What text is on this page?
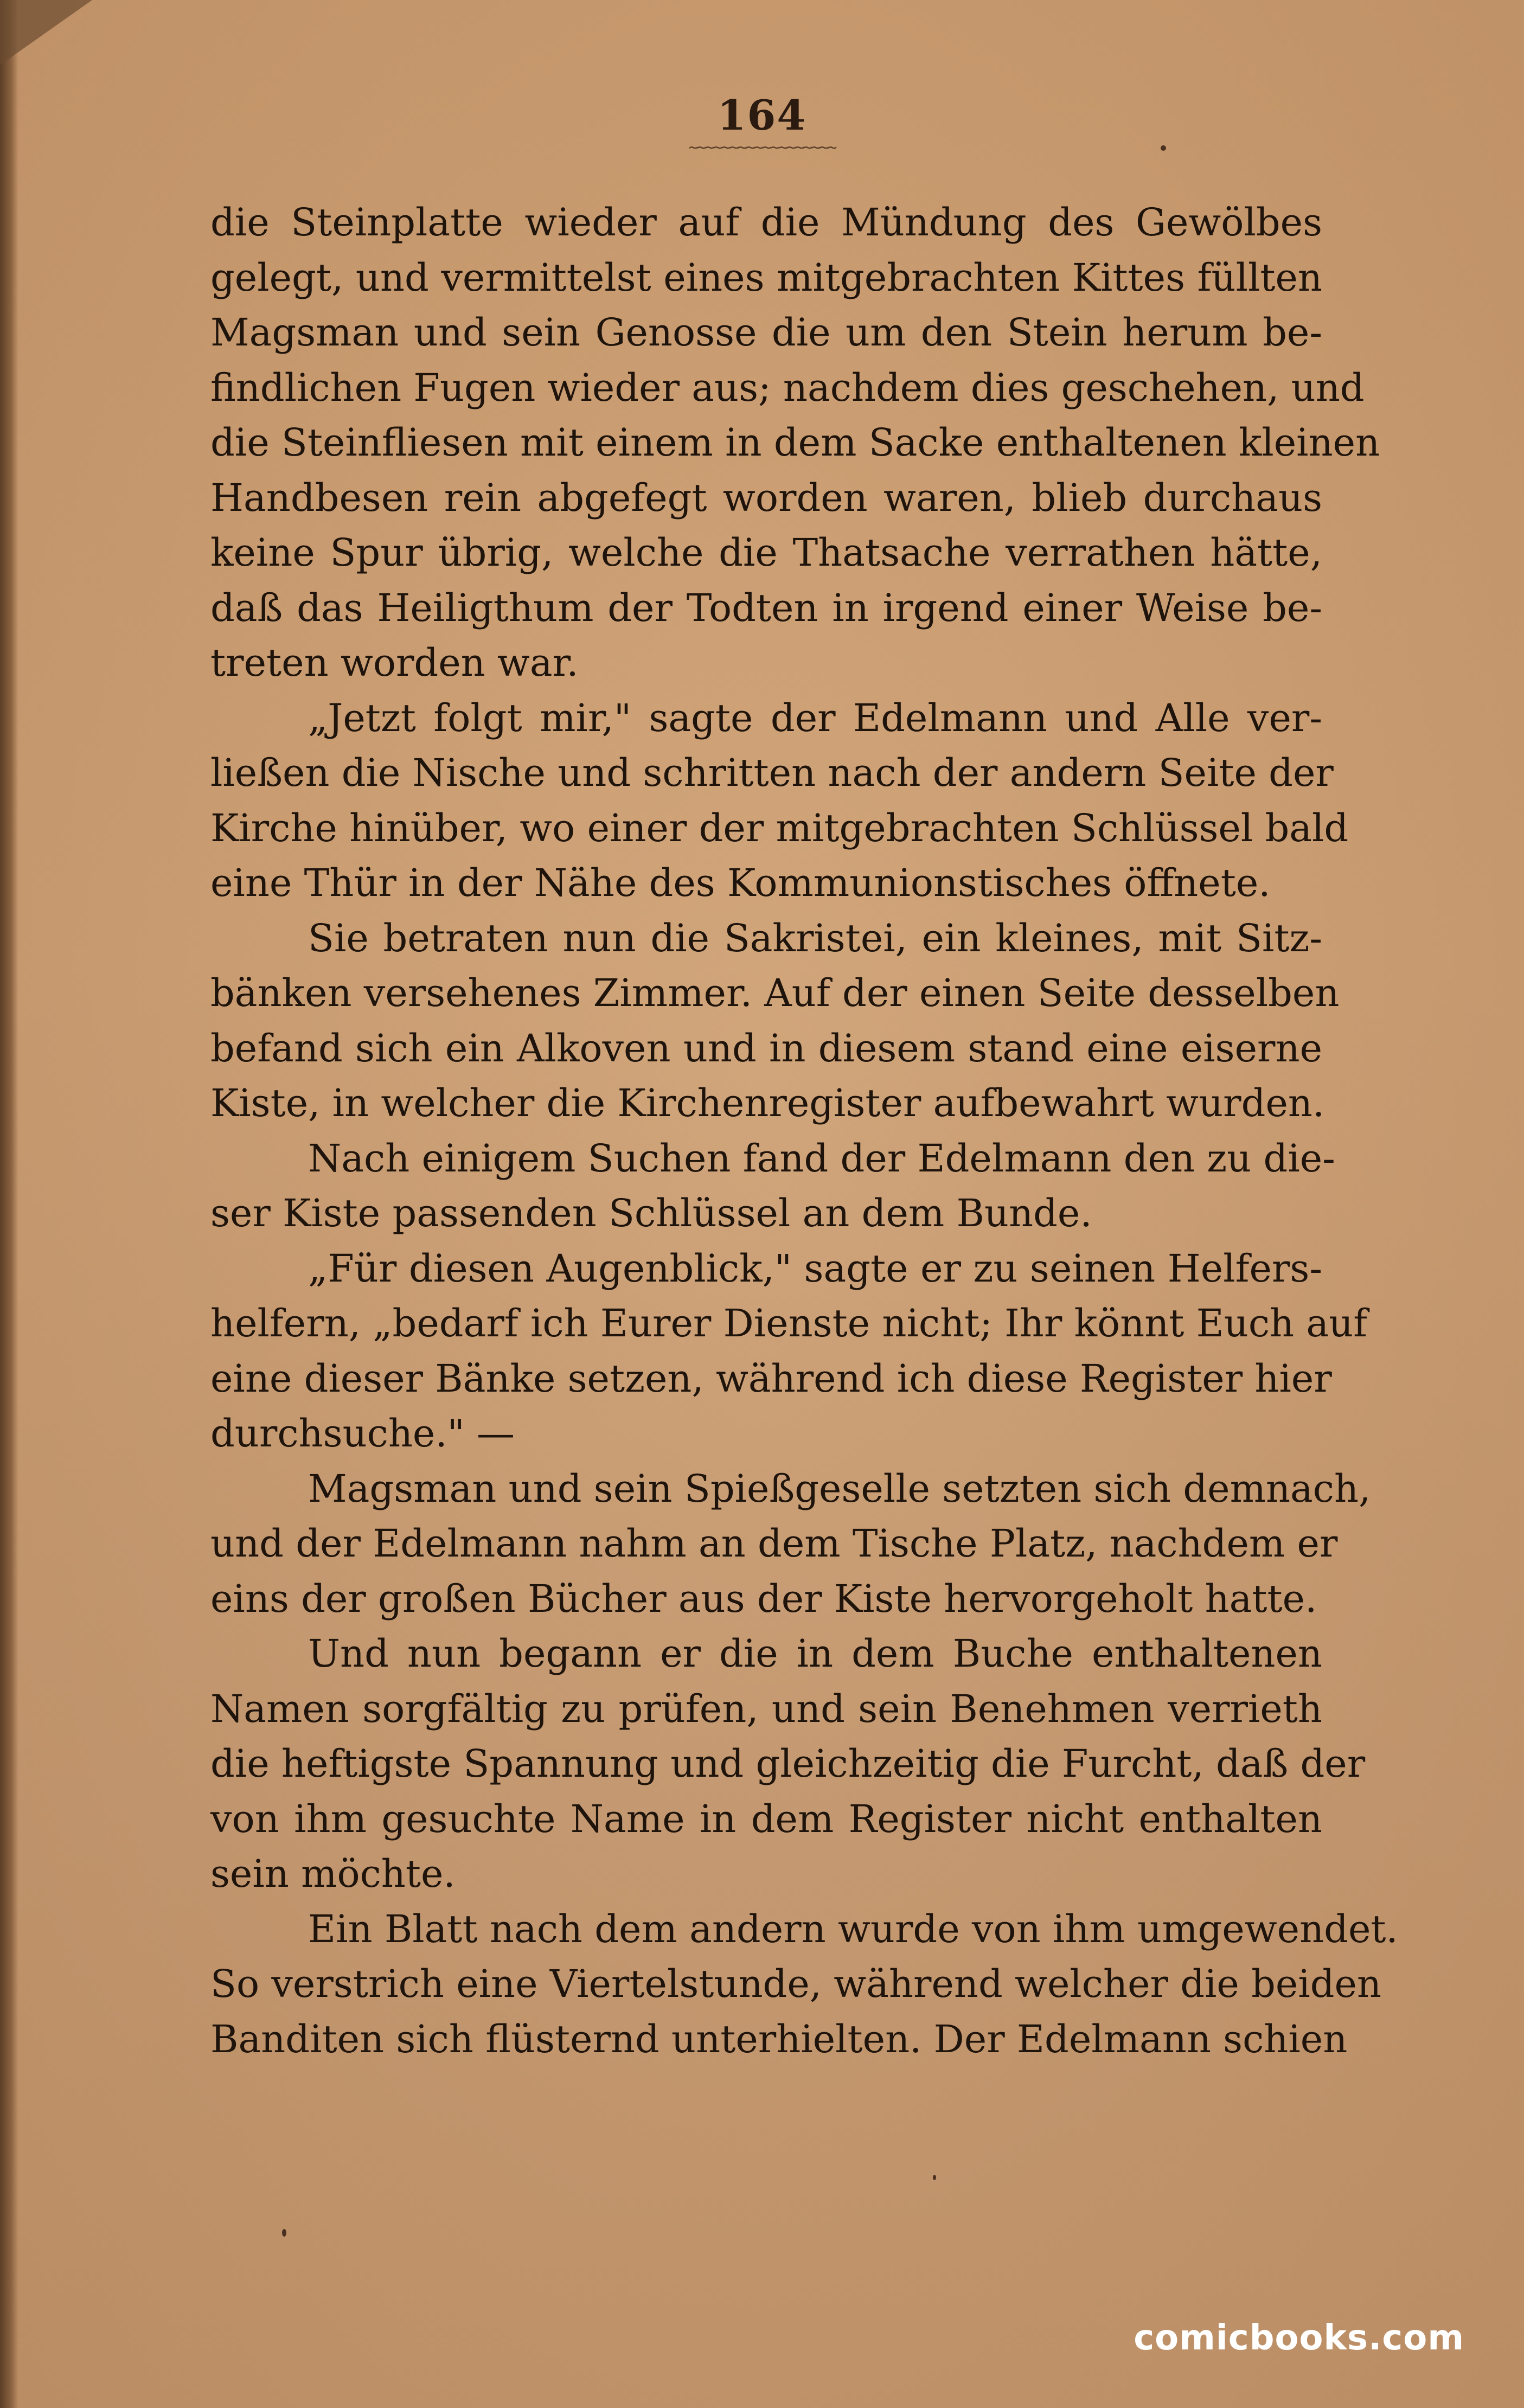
164
~~~~~~~~~~~~~~~~~~
die Steinplatte wieder auf die Mündung des Gewölbes
gelegt, und vermittelst eines mitgebrachten Kittes füllten
Magsman und sein Genosse die um den Stein herum be-
findlichen Fugen wieder aus; nachdem dies geschehen, und
die Steinfliesen mit einem in dem Sacke enthaltenen kleinen
Handbesen rein abgefegt worden waren, blieb durchaus
keine Spur übrig, welche die Thatsache verrathen hätte,
daß das Heiligthum der Todten in irgend einer Weise be-
treten worden war.
„Jetzt folgt mir," sagte der Edelmann und Alle ver-
ließen die Nische und schritten nach der andern Seite der
Kirche hinüber, wo einer der mitgebrachten Schlüssel bald
eine Thür in der Nähe des Kommunionstisches öffnete.
Sie betraten nun die Sakristei, ein kleines, mit Sitz-
bänken versehenes Zimmer. Auf der einen Seite desselben
befand sich ein Alkoven und in diesem stand eine eiserne
Kiste, in welcher die Kirchenregister aufbewahrt wurden.
Nach einigem Suchen fand der Edelmann den zu die-
ser Kiste passenden Schlüssel an dem Bunde.
„Für diesen Augenblick," sagte er zu seinen Helfers-
helfern, „bedarf ich Eurer Dienste nicht; Ihr könnt Euch auf
eine dieser Bänke setzen, während ich diese Register hier
durchsuche." —
Magsman und sein Spießgeselle setzten sich demnach,
und der Edelmann nahm an dem Tische Platz, nachdem er
eins der großen Bücher aus der Kiste hervorgeholt hatte.
Und nun begann er die in dem Buche enthaltenen
Namen sorgfältig zu prüfen, und sein Benehmen verrieth
die heftigste Spannung und gleichzeitig die Furcht, daß der
von ihm gesuchte Name in dem Register nicht enthalten
sein möchte.
Ein Blatt nach dem andern wurde von ihm umgewendet.
So verstrich eine Viertelstunde, während welcher die beiden
Banditen sich flüsternd unterhielten. Der Edelmann schien
comicbooks.com
